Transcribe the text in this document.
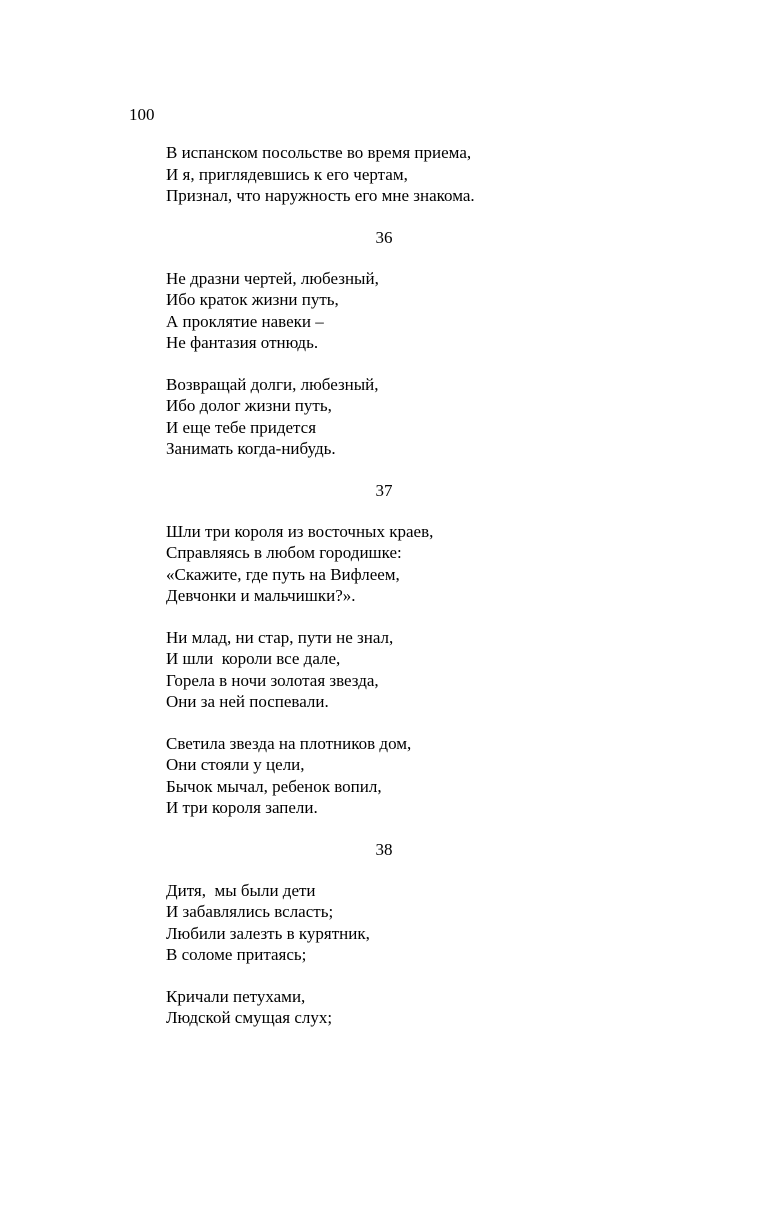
100
В испанском посольстве во время приема,
И я, приглядевшись к его чертам,
Признал, что наружность его мне знакома.
36
Не дразни чертей, любезный,
Ибо краток жизни путь,
А проклятие навеки –
Не фантазия отнюдь.
Возвращай долги, любезный,
Ибо долог жизни путь,
И еще тебе придется
Занимать когда-нибудь.
37
Шли три короля из восточных краев,
Справляясь в любом городишке:
«Скажите, где путь на Вифлеем,
Девчонки и мальчишки?».
Ни млад, ни стар, пути не знал,
И шли  короли все дале,
Горела в ночи золотая звезда,
Они за ней поспевали.
Светила звезда на плотников дом,
Они стояли у цели,
Бычок мычал, ребенок вопил,
И три короля запели.
38
Дитя,  мы были дети
И забавлялись всласть;
Любили залезть в курятник,
В соломе притаясь;
Кричали петухами,
Людской смущая слух;
